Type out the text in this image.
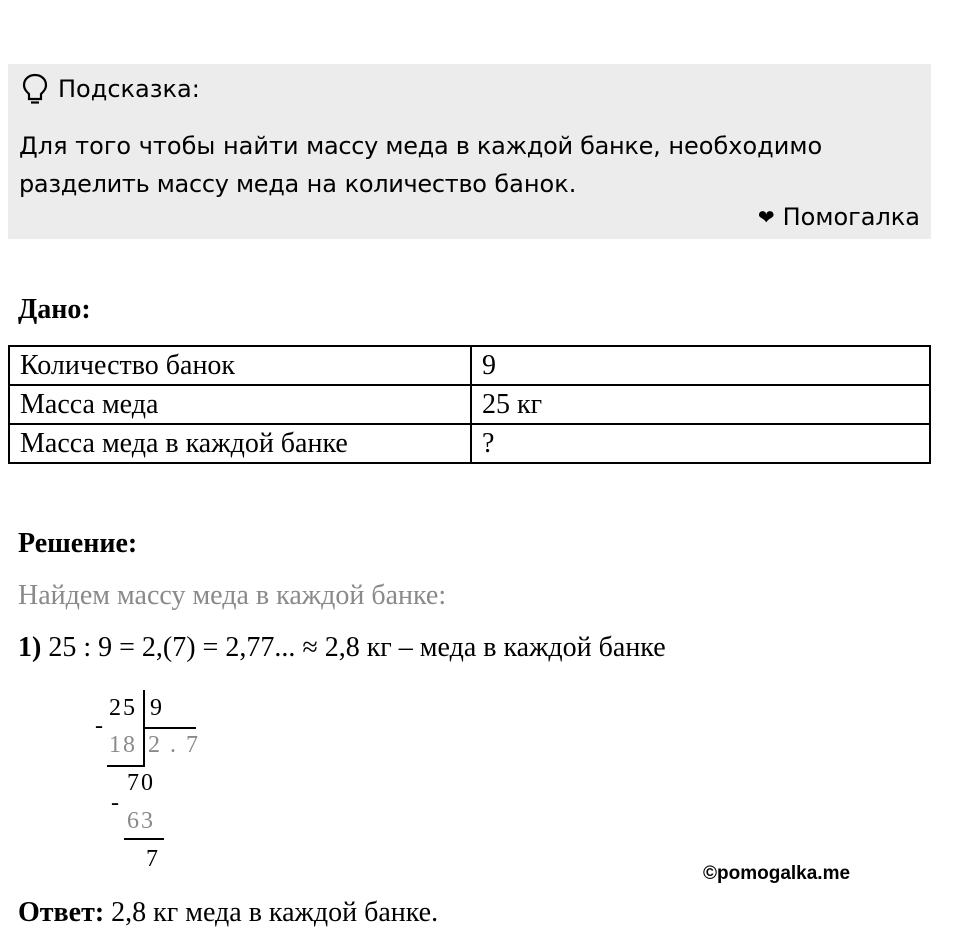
Подсказка:
Для того чтобы найти массу меда в каждой банке, необходимо
разделить массу меда на количество банок.
❤ Помогалка
Дано:
Количество банок	9
Масса меда	25 кг
Масса меда в каждой банке	?
Решение:
Найдем массу меда в каждой банке:
1) 25 : 9 = 2,(7) = 2,77... ≈ 2,8 кг – меда в каждой банке
25 9
-
18 2 . 7
70
-
63
7
©pomogalka.me
Ответ: 2,8 кг меда в каждой банке.
